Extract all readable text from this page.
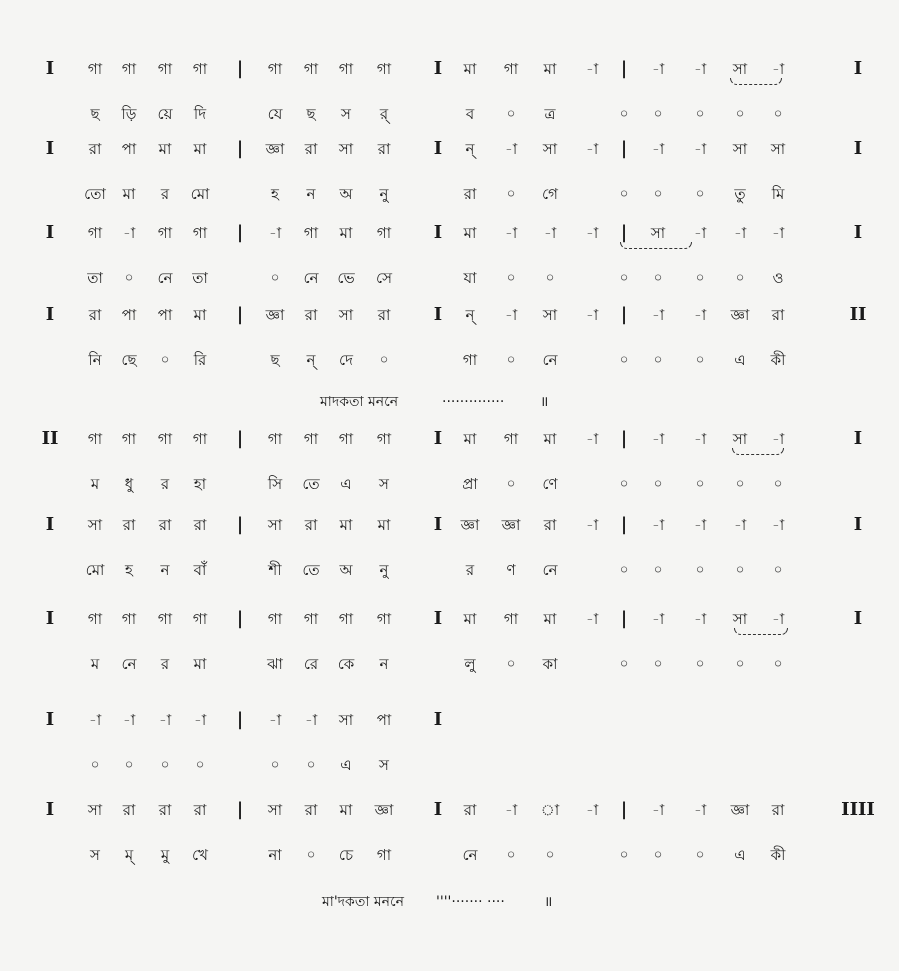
I গা গা গা গা | গা গা গা গা I মা গা মা -া | -া -া সা -া	I
ছ ড়ি য়ে দি	যে ছ স র্	ব ০ ত্র	০ ০ ০ ০ ০
I রা পা মা মা | জ্ঞা রা সা রা I ন্ -া সা -া | -া -া সা সা	I
তো মা র মো	হ ন অ নু	রা ০ গে	০ ০ ০ তু মি
I গা -া গা গা | -া গা মা গা I মা -া -া -া | সা -া -া -া	I
তা ০ নে তা	০ নে ভে সে	যা ০ ০	০ ০ ০ ০ ও
I রা পা পা মা | জ্ঞা রা সা রা I ন্ -া সা -া | -া -া জ্ঞা রা	II
নি ছে ০ রি	ছ ন্ দে ০	গা ০ নে	০ ০ ০ এ কী
II গা গা গা গা | গা গা গা গা I মা গা মা -া | -া -া সা -া	I
ম ধু র হা	সি তে এ স	প্রা ০ ণে	০ ০ ০ ০ ০
I সা রা রা রা | সা রা মা মা I জ্ঞা জ্ঞা রা -া | -া -া -া -া	I
মো হ ন বাঁ	শী তে অ নু	র ণ নে	০ ০ ০ ০ ০
I গা গা গা গা | গা গা গা গা I মা গা মা -া | -া -া সা -া	I
ম নে র মা	ঝা রে কে ন	লু ০ কা	০ ০ ০ ০ ০
I -া -া -া -া | -া -া সা পা I
০ ০ ০ ০	০ ০ এ স
I সা রা রা রা | সা রা মা জ্ঞা I রা -া া -া | -া -া জ্ঞা রা	IIII
স ম্ মু খে	না ০ চে গা	নে ০ ০	০ ০ ০ এ কী
মাদকতা মননে	··············	॥
মা'দকতা মননে ''''······· ····	॥
